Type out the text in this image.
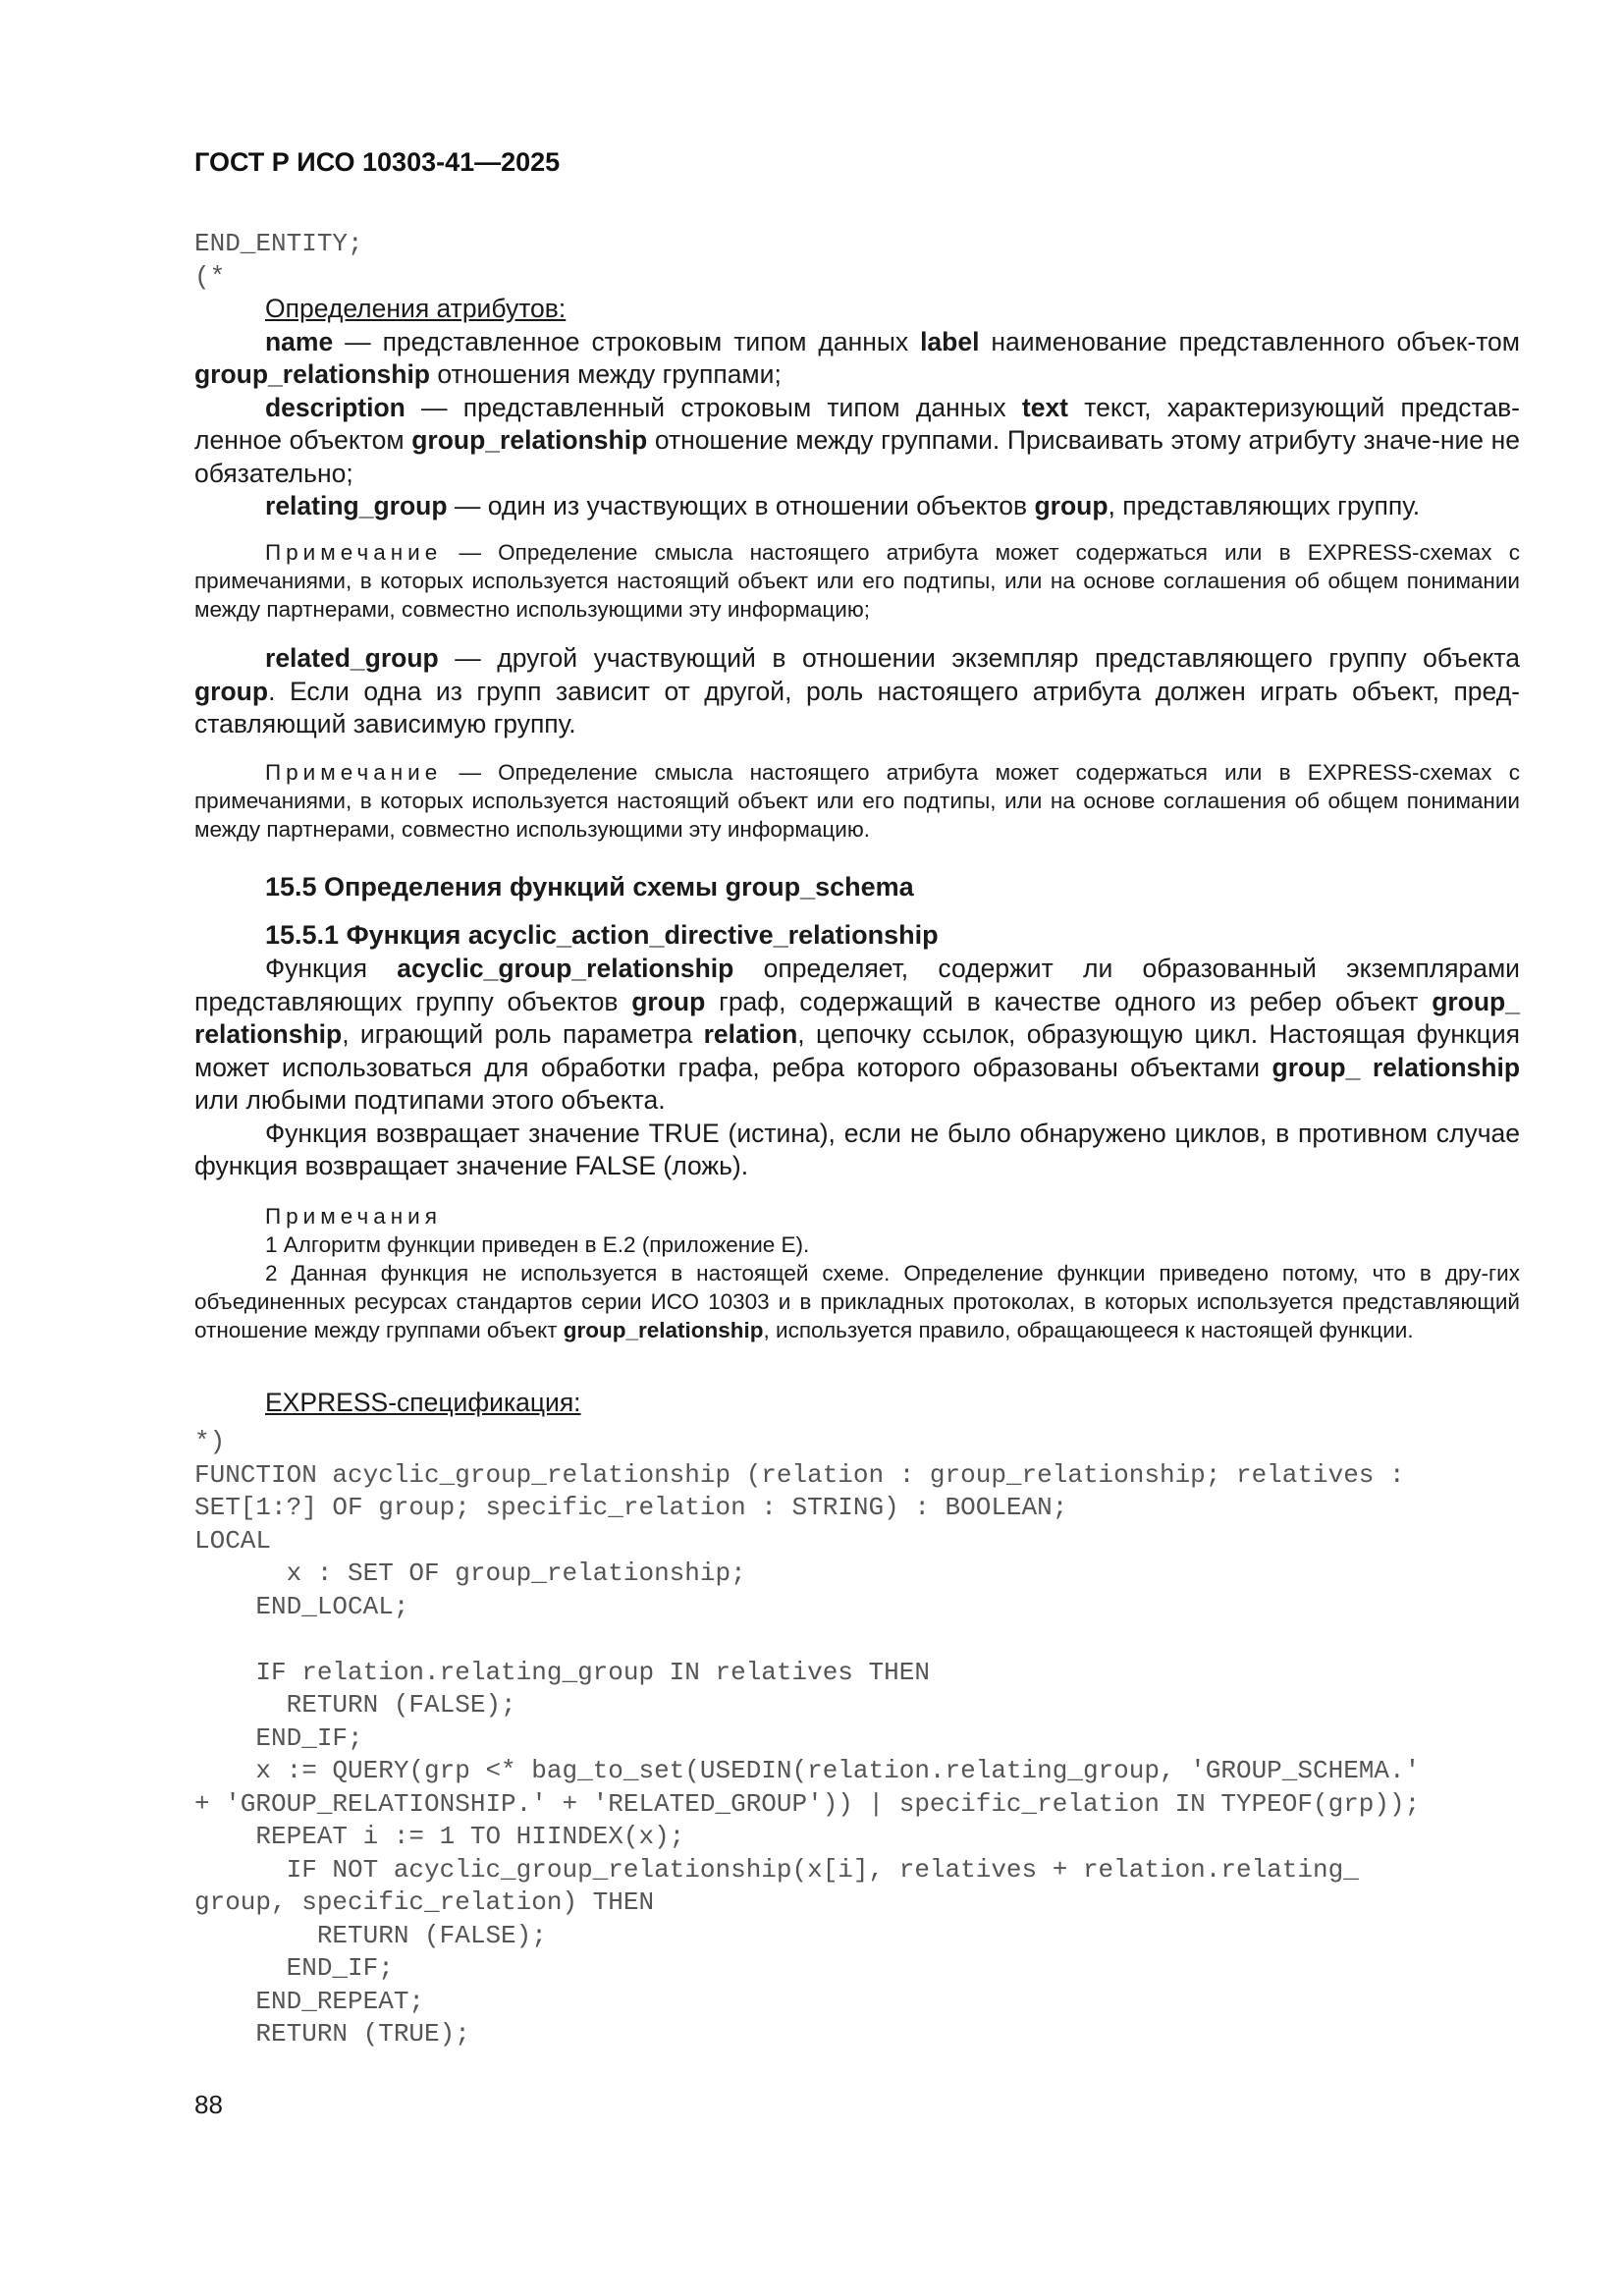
ГОСТ Р ИСО 10303-41—2025
END_ENTITY;
(*

Определения атрибутов:

name — представленное строковым типом данных label наименование представленного объек-том group_relationship отношения между группами;

description — представленный строковым типом данных text текст, характеризующий представ-ленное объектом group_relationship отношение между группами. Присваивать этому атрибуту значе-ние не обязательно;

relating_group — один из участвующих в отношении объектов group, представляющих группу.

Примечание — Определение смысла настоящего атрибута может содержаться или в EXPRESS-схемах с примечаниями, в которых используется настоящий объект или его подтипы, или на основе соглашения об общем понимании между партнерами, совместно использующими эту информацию;

related_group — другой участвующий в отношении экземпляр представляющего группу объекта group. Если одна из групп зависит от другой, роль настоящего атрибута должен играть объект, пред-ставляющий зависимую группу.

Примечание — Определение смысла настоящего атрибута может содержаться или в EXPRESS-схемах с примечаниями, в которых используется настоящий объект или его подтипы, или на основе соглашения об общем понимании между партнерами, совместно использующими эту информацию.

15.5 Определения функций схемы group_schema
15.5.1 Функция acyclic_action_directive_relationship

Функция acyclic_group_relationship определяет, содержит ли образованный экземплярами представляющих группу объектов group граф, содержащий в качестве одного из ребер объект group_ relationship, играющий роль параметра relation, цепочку ссылок, образующую цикл. Настоящая функция может использоваться для обработки графа, ребра которого образованы объектами group_ relationship или любыми подтипами этого объекта.

Функция возвращает значение TRUE (истина), если не было обнаружено циклов, в противном случае функция возвращает значение FALSE (ложь).

Примечания

1 Алгоритм функции приведен в Е.2 (приложение Е).

2 Данная функция не используется в настоящей схеме. Определение функции приведено потому, что в дру-гих объединенных ресурсах стандартов серии ИСО 10303 и в прикладных протоколах, в которых используется представляющий отношение между группами объект group_relationship, используется правило, обращающееся к настоящей функции.

EXPRESS-спецификация:

*)
FUNCTION acyclic_group_relationship (relation : group_relationship; relatives :
SET[1:?] OF group; specific_relation : STRING) : BOOLEAN;
LOCAL
x : SET OF group_relationship;
END_LOCAL;

IF relation.relating_group IN relatives THEN
RETURN (FALSE);
END_IF;
x := QUERY(grp <* bag_to_set(USEDIN(relation.relating_group, 'GROUP_SCHEMA.'
+ 'GROUP_RELATIONSHIP.' + 'RELATED_GROUP')) | specific_relation IN TYPEOF(grp));
REPEAT i := 1 TO HIINDEX(x);
IF NOT acyclic_group_relationship(x[i], relatives + relation.relating_
group, specific_relation) THEN
RETURN (FALSE);
END_IF;
END_REPEAT;
RETURN (TRUE);
88
